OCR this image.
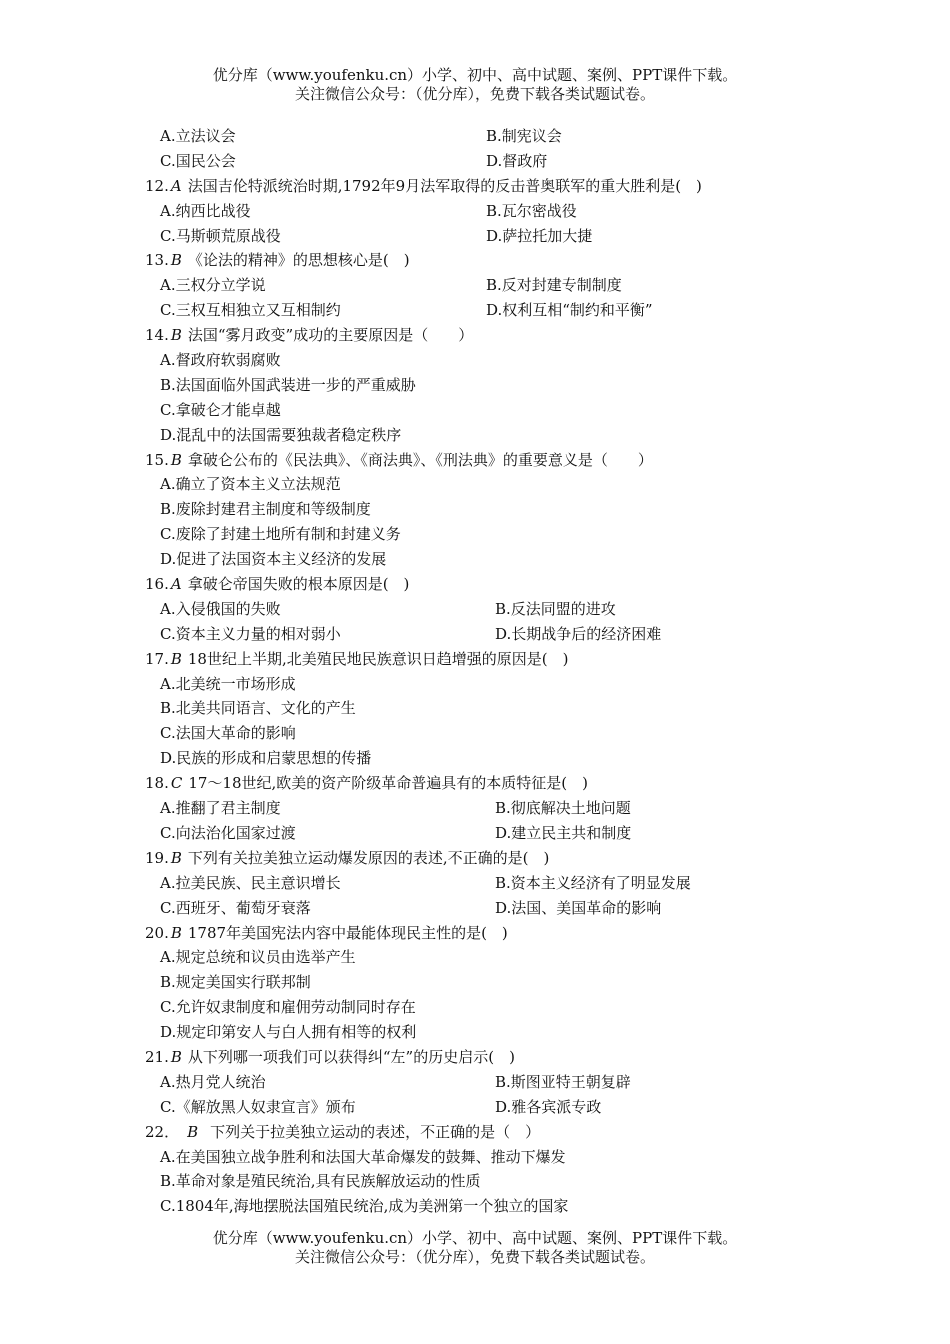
优分库（www.youfenku.cn）小学、初中、高中试题、案例、PPT课件下载。
关注微信公众号：（优分库），免费下载各类试题试卷。
A.立法议会	B.制宪议会
C.国民公会	D.督政府
12. A 法国吉伦特派统治时期,1792年9月法军取得的反击普奥联军的重大胜利是(　)
A.纳西比战役	B.瓦尔密战役
C.马斯顿荒原战役	D.萨拉托加大捷
13. B 《论法的精神》的思想核心是(　)
A.三权分立学说	B.反对封建专制制度
C.三权互相独立又互相制约	D.权利互相“制约和平衡”
14. B 法国“雾月政变”成功的主要原因是（　　）
A.督政府软弱腐败
B.法国面临外国武装进一步的严重威胁
C.拿破仑才能卓越
D.混乱中的法国需要独裁者稳定秩序
15. B 拿破仑公布的《民法典》、《商法典》、《刑法典》的重要意义是（　　）
A.确立了资本主义立法规范
B.废除封建君主制度和等级制度
C.废除了封建土地所有制和封建义务
D.促进了法国资本主义经济的发展
16. A 拿破仑帝国失败的根本原因是(　)
A.入侵俄国的失败	B.反法同盟的进攻
C.资本主义力量的相对弱小	D.长期战争后的经济困难
17. B 18世纪上半期,北美殖民地民族意识日趋增强的原因是(　)
A.北美统一市场形成
B.北美共同语言、文化的产生
C.法国大革命的影响
D.民族的形成和启蒙思想的传播
18. C 17～18世纪,欧美的资产阶级革命普遍具有的本质特征是(　)
A.推翻了君主制度	B.彻底解决土地问题
C.向法治化国家过渡	D.建立民主共和制度
19. B 下列有关拉美独立运动爆发原因的表述,不正确的是(　)
A.拉美民族、民主意识增长	B.资本主义经济有了明显发展
C.西班牙、葡萄牙衰落	D.法国、美国革命的影响
20. B 1787年美国宪法内容中最能体现民主性的是(　)
A.规定总统和议员由选举产生
B.规定美国实行联邦制
C.允许奴隶制度和雇佣劳动制同时存在
D.规定印第安人与白人拥有相等的权利
21. B 从下列哪一项我们可以获得纠“左”的历史启示(　)
A.热月党人统治	B.斯图亚特王朝复辟
C.《解放黑人奴隶宣言》颁布	D.雅各宾派专政
22． B 下列关于拉美独立运动的表述，不正确的是（　）
A.在美国独立战争胜利和法国大革命爆发的鼓舞、推动下爆发
B.革命对象是殖民统治,具有民族解放运动的性质
C.1804年,海地摆脱法国殖民统治,成为美洲第一个独立的国家
优分库（www.youfenku.cn）小学、初中、高中试题、案例、PPT课件下载。
关注微信公众号：（优分库），免费下载各类试题试卷。
